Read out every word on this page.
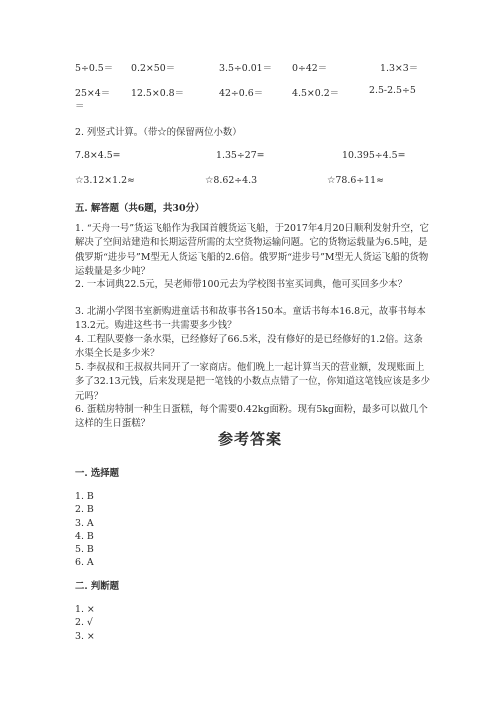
5÷0.5＝ 0.2×50＝	3.5÷0.01＝ 0÷42＝	1.3×3＝
25×4＝ 12.5×0.8＝	42÷0.6＝	4.5×0.2＝	2.5-2.5÷5
＝
2. 列竖式计算。（带☆的保留两位小数）
7.8×4.5=	1.35÷27=	10.395÷4.5=
☆3.12×1.2≈	☆8.62÷4.3	☆78.6÷11≈
五. 解答题（共6题，共30分）
1. “天舟一号”货运飞船作为我国首艘货运飞船，于2017年4月20日顺利发射升空，它解决了空间站建造和长期运营所需的太空货物运输问题。它的货物运载量为6.5吨，是俄罗斯“进步号”M型无人货运飞船的2.6倍。俄罗斯“进步号”M型无人货运飞船的货物运载量是多少吨？
2. 一本词典22.5元，吴老师带100元去为学校图书室买词典，他可买回多少本？
3. 北湖小学图书室新购进童话书和故事书各150本。童话书每本16.8元，故事书每本13.2元。购进这些书一共需要多少钱？
4. 工程队要修一条水渠，已经修好了66.5米，没有修好的是已经修好的1.2倍。这条水渠全长是多少米？
5. 李叔叔和王叔叔共同开了一家商店。他们晚上一起计算当天的营业额，发现账面上多了32.13元钱，后来发现是把一笔钱的小数点点错了一位，你知道这笔钱应该是多少元吗？
6. 蛋糕房特制一种生日蛋糕，每个需要0.42kg面粉。现有5kg面粉，最多可以做几个这样的生日蛋糕？
参考答案
一. 选择题
1. B
2. B
3. A
4. B
5. B
6. A
二. 判断题
1. ×
2. √
3. ×
